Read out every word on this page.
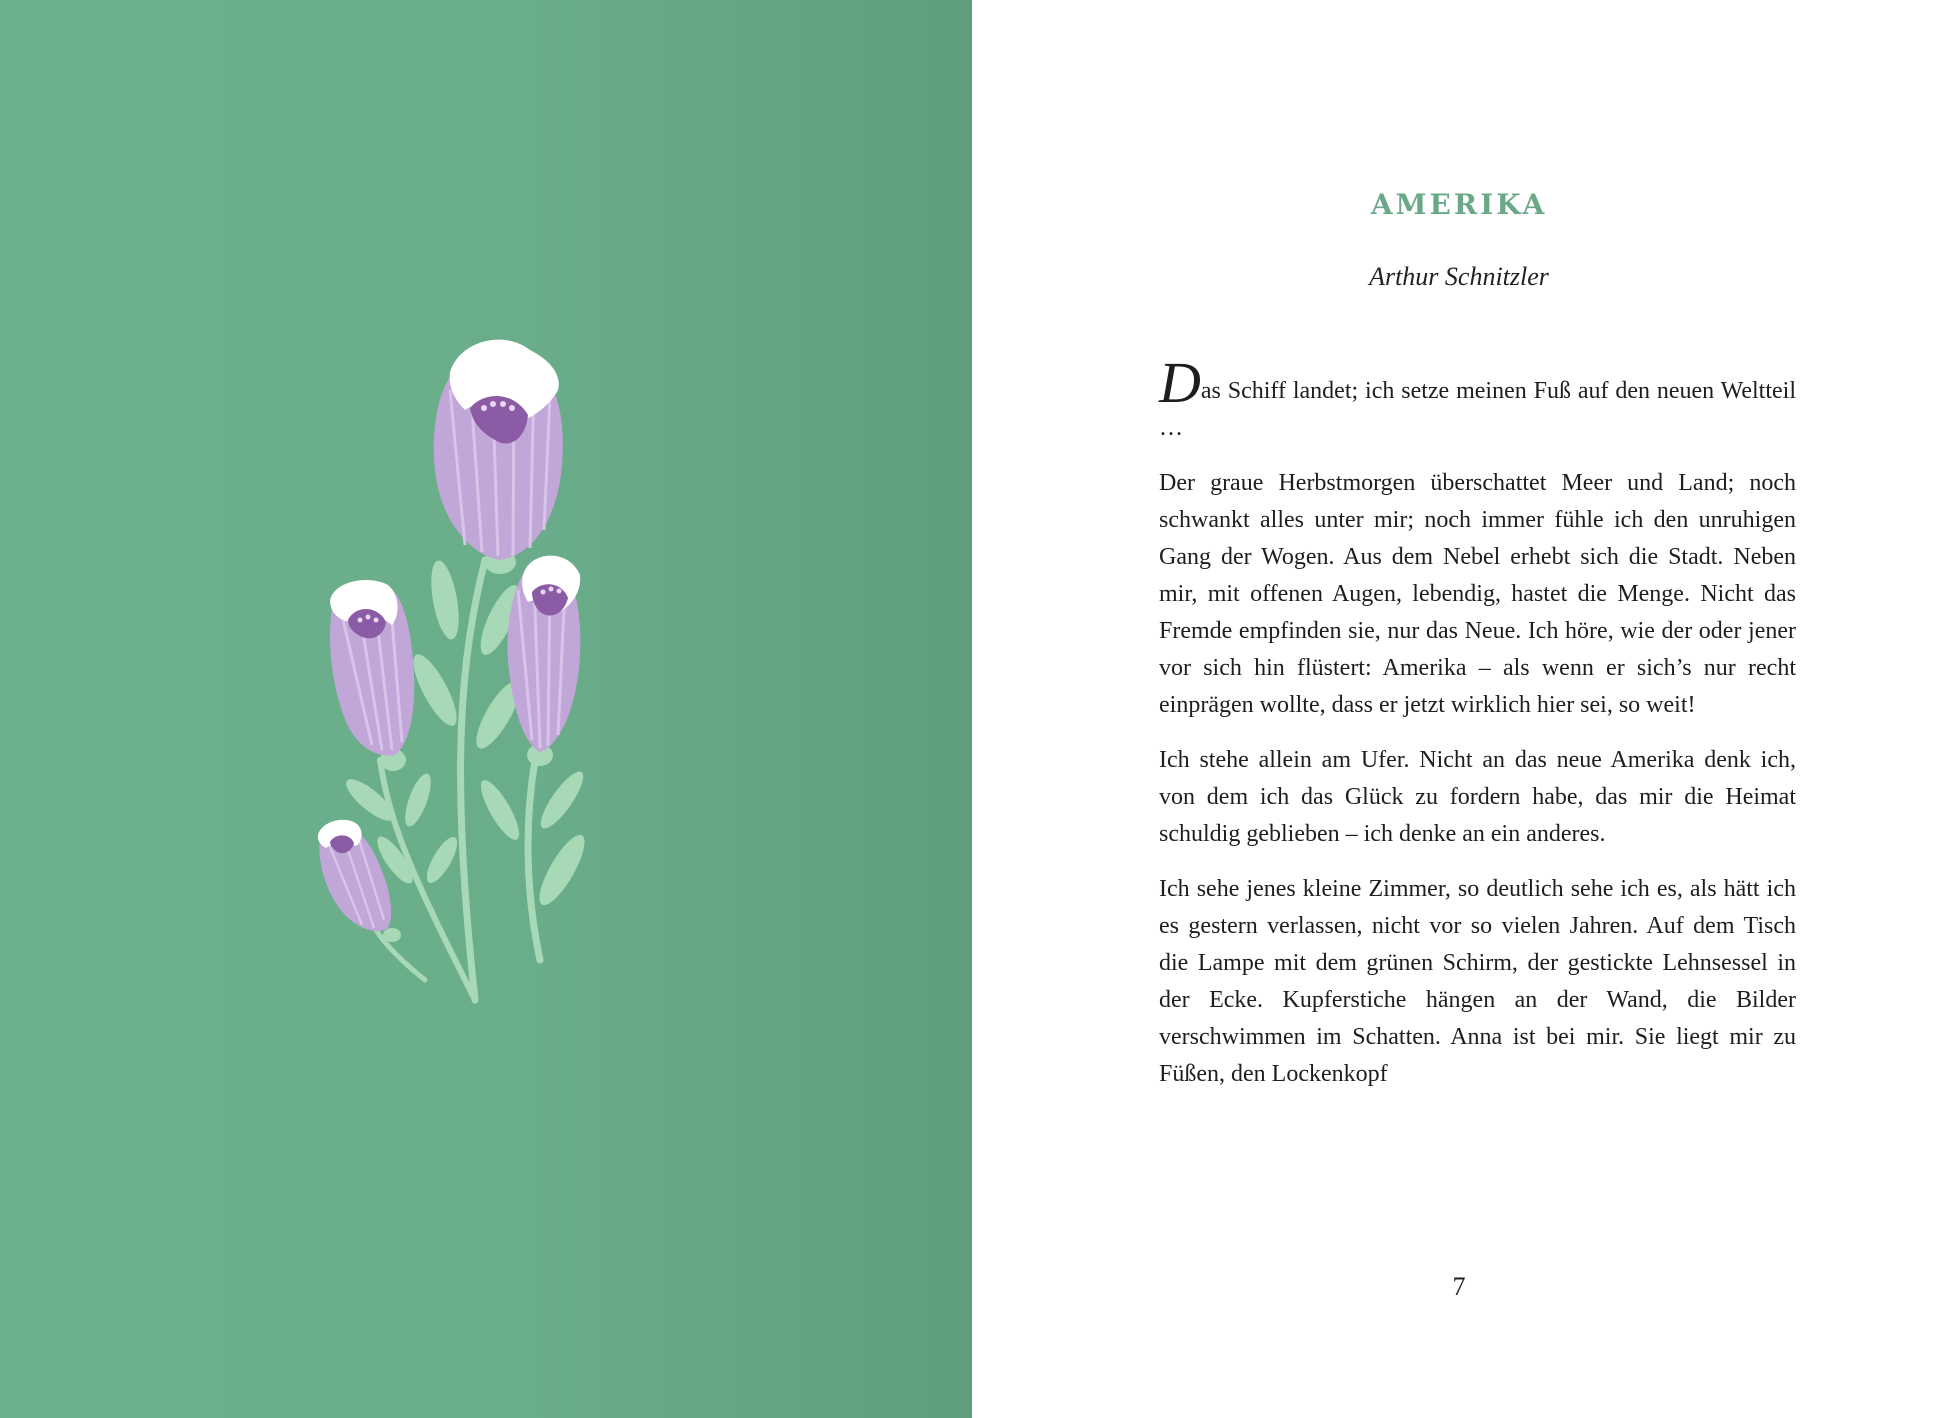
AMERIKA
Arthur Schnitzler

Das Schiff landet; ich setze meinen Fuß auf den neuen Weltteil …

Der graue Herbstmorgen überschattet Meer und Land; noch schwankt alles unter mir; noch immer fühle ich den unruhigen Gang der Wogen. Aus dem Nebel erhebt sich die Stadt. Neben mir, mit offenen Augen, lebendig, hastet die Menge. Nicht das Fremde empfinden sie, nur das Neue. Ich höre, wie der oder jener vor sich hin flüstert: Amerika – als wenn er sich’s nur recht einprägen wollte, dass er jetzt wirklich hier sei, so weit!

Ich stehe allein am Ufer. Nicht an das neue Amerika denk ich, von dem ich das Glück zu fordern habe, das mir die Heimat schuldig geblieben – ich denke an ein anderes.

Ich sehe jenes kleine Zimmer, so deutlich sehe ich es, als hätt ich es gestern verlassen, nicht vor so vielen Jahren. Auf dem Tisch die Lampe mit dem grünen Schirm, der gestickte Lehnsessel in der Ecke. Kupferstiche hängen an der Wand, die Bilder verschwimmen im Schatten. Anna ist bei mir. Sie liegt mir zu Füßen, den Lockenkopf

7
